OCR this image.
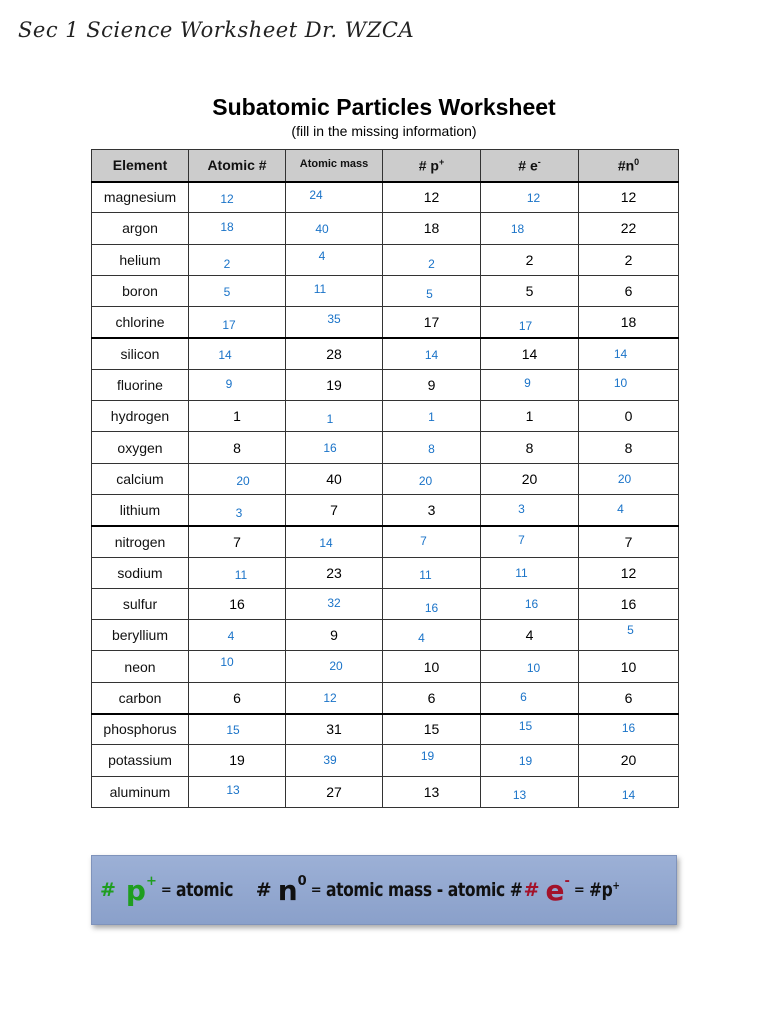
Sec 1 Science Worksheet Dr. WZCA
Subatomic Particles Worksheet
(fill in the missing information)
Element	Atomic #	Atomic mass	# p+	# e-	$\#n^0$
magnesium	12	24	12	12	12
argon	18	40	18	18	22
helium	2	4	2	2	2
boron	5	11	5	5	6
chlorine	17	35	17	17	18
silicon	14	28	14	14	14
fluorine	9	19	9	9	10
hydrogen	1	1	1	1	0
oxygen	8	16	8	8	8
calcium	20	40	20	20	20
lithium	3	7	3	3	4
nitrogen	7	14	7	7	7
sodium	11	23	11	11	12
sulfur	16	32	16	16	16
beryllium	4	9	4	4	5
neon	10	20	10	10	10
carbon	6	12	6	6	6
phosphorus	15	31	15	15	16
potassium	19	39	19	19	20
aluminum	13	27	13	13	14
# p+
= atomic	# $n^0$
= atomic mass - atomic # # e-
= #p+
